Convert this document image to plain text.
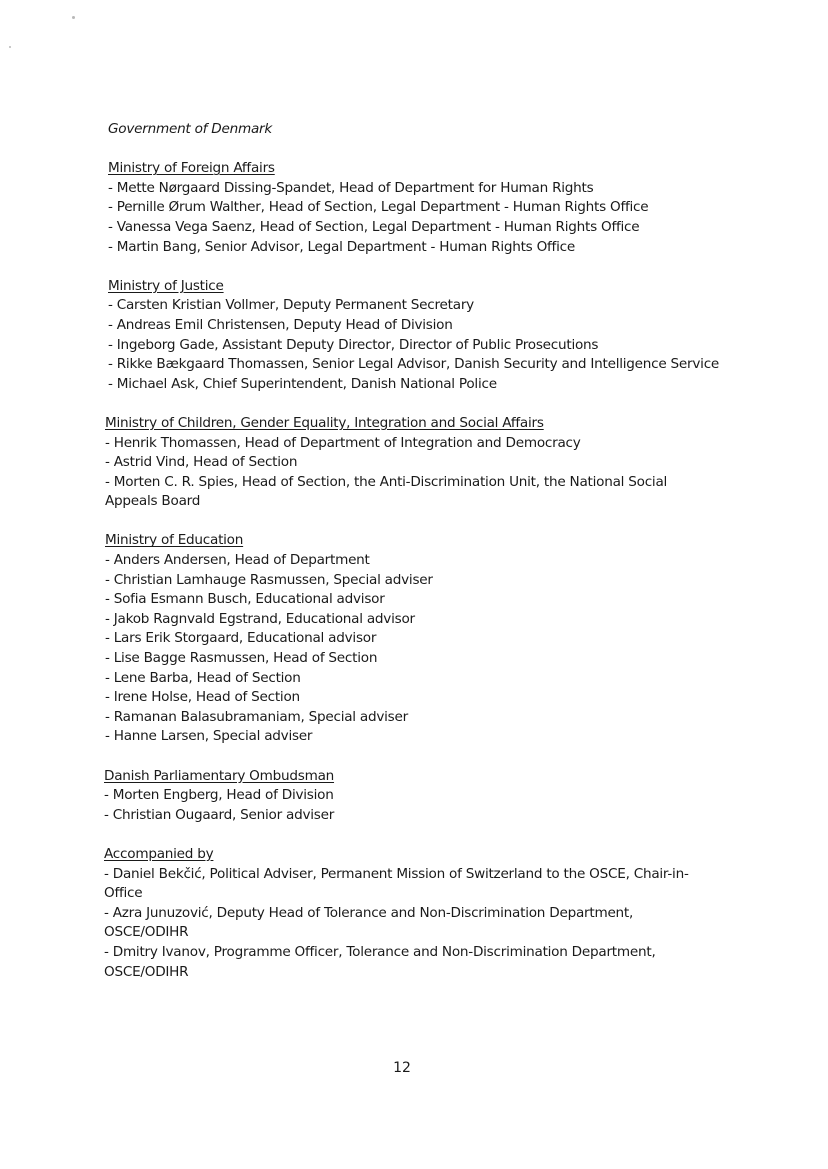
Government of Denmark

Ministry of Foreign Affairs

- Mette Nørgaard Dissing-Spandet, Head of Department for Human Rights

- Pernille Ørum Walther, Head of Section, Legal Department - Human Rights Office

- Vanessa Vega Saenz, Head of Section, Legal Department - Human Rights Office

- Martin Bang, Senior Advisor, Legal Department - Human Rights Office

Ministry of Justice

- Carsten Kristian Vollmer, Deputy Permanent Secretary

- Andreas Emil Christensen, Deputy Head of Division

- Ingeborg Gade, Assistant Deputy Director, Director of Public Prosecutions

- Rikke Bækgaard Thomassen, Senior Legal Advisor, Danish Security and Intelligence Service

- Michael Ask, Chief Superintendent, Danish National Police

Ministry of Children, Gender Equality, Integration and Social Affairs

- Henrik Thomassen, Head of Department of Integration and Democracy

- Astrid Vind, Head of Section

- Morten C. R. Spies, Head of Section, the Anti-Discrimination Unit, the National Social Appeals Board

Ministry of Education

- Anders Andersen, Head of Department

- Christian Lamhauge Rasmussen, Special adviser

- Sofia Esmann Busch, Educational advisor

- Jakob Ragnvald Egstrand, Educational advisor

- Lars Erik Storgaard, Educational advisor

- Lise Bagge Rasmussen, Head of Section

- Lene Barba, Head of Section

- Irene Holse, Head of Section

- Ramanan Balasubramaniam, Special adviser

- Hanne Larsen, Special adviser

Danish Parliamentary Ombudsman

- Morten Engberg, Head of Division

- Christian Ougaard, Senior adviser

Accompanied by

- Daniel Bekčić, Political Adviser, Permanent Mission of Switzerland to the OSCE, Chair-in-Office

- Azra Junuzović, Deputy Head of Tolerance and Non-Discrimination Department, OSCE/ODIHR

- Dmitry Ivanov, Programme Officer, Tolerance and Non-Discrimination Department, OSCE/ODIHR

12
